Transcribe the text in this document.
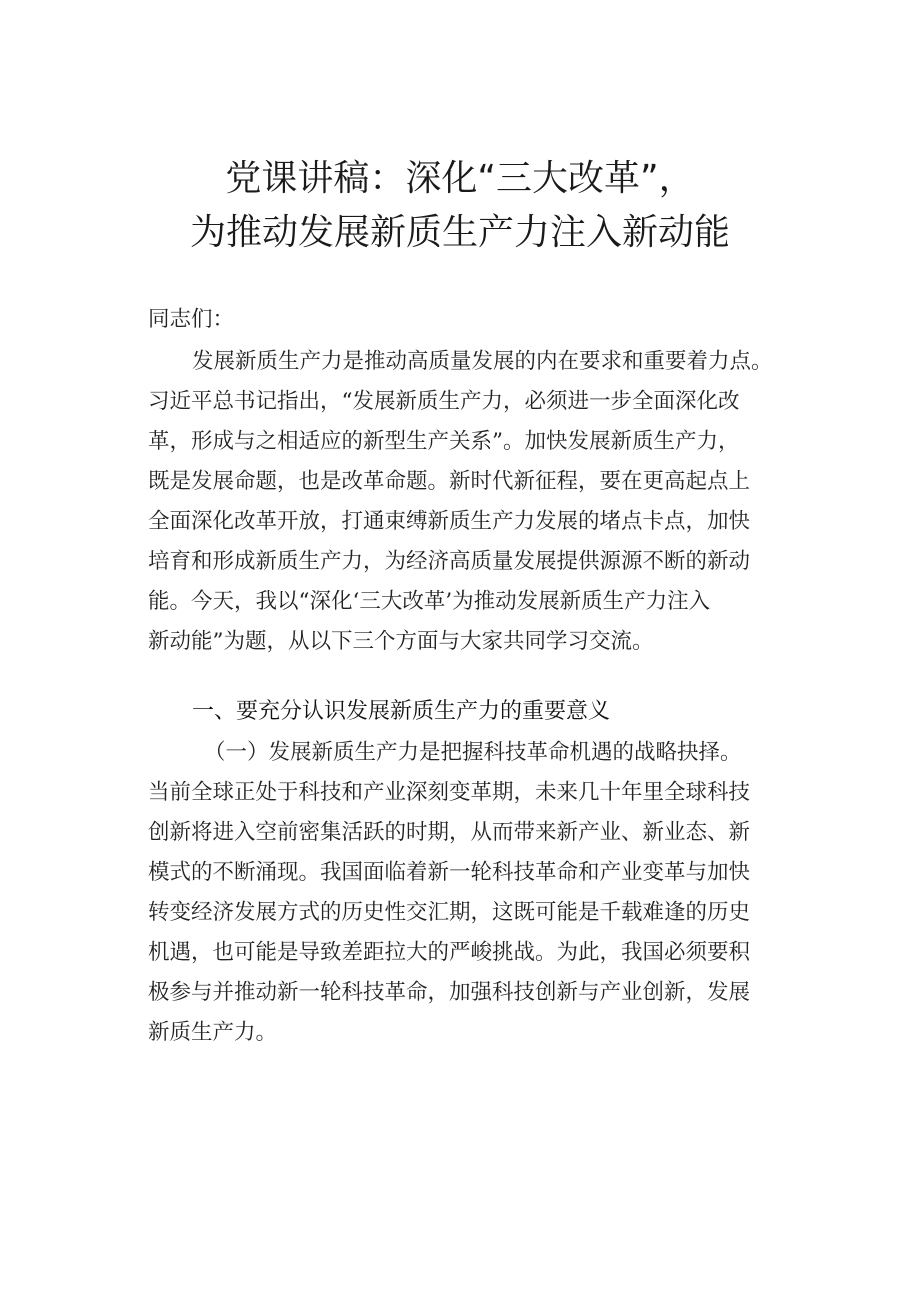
党课讲稿：深化“三大改革”，
为推动发展新质生产力注入新动能
同志们：
发展新质生产力是推动高质量发展的内在要求和重要着力点。
习近平总书记指出，“发展新质生产力，必须进一步全面深化改
革，形成与之相适应的新型生产关系”。加快发展新质生产力，
既是发展命题，也是改革命题。新时代新征程，要在更高起点上
全面深化改革开放，打通束缚新质生产力发展的堵点卡点，加快
培育和形成新质生产力，为经济高质量发展提供源源不断的新动
能。今天，我以“深化‘三大改革’为推动发展新质生产力注入
新动能”为题，从以下三个方面与大家共同学习交流。
一、要充分认识发展新质生产力的重要意义
（一）发展新质生产力是把握科技革命机遇的战略抉择。
当前全球正处于科技和产业深刻变革期，未来几十年里全球科技
创新将进入空前密集活跃的时期，从而带来新产业、新业态、新
模式的不断涌现。我国面临着新一轮科技革命和产业变革与加快
转变经济发展方式的历史性交汇期，这既可能是千载难逢的历史
机遇，也可能是导致差距拉大的严峻挑战。为此，我国必须要积
极参与并推动新一轮科技革命，加强科技创新与产业创新，发展
新质生产力。
